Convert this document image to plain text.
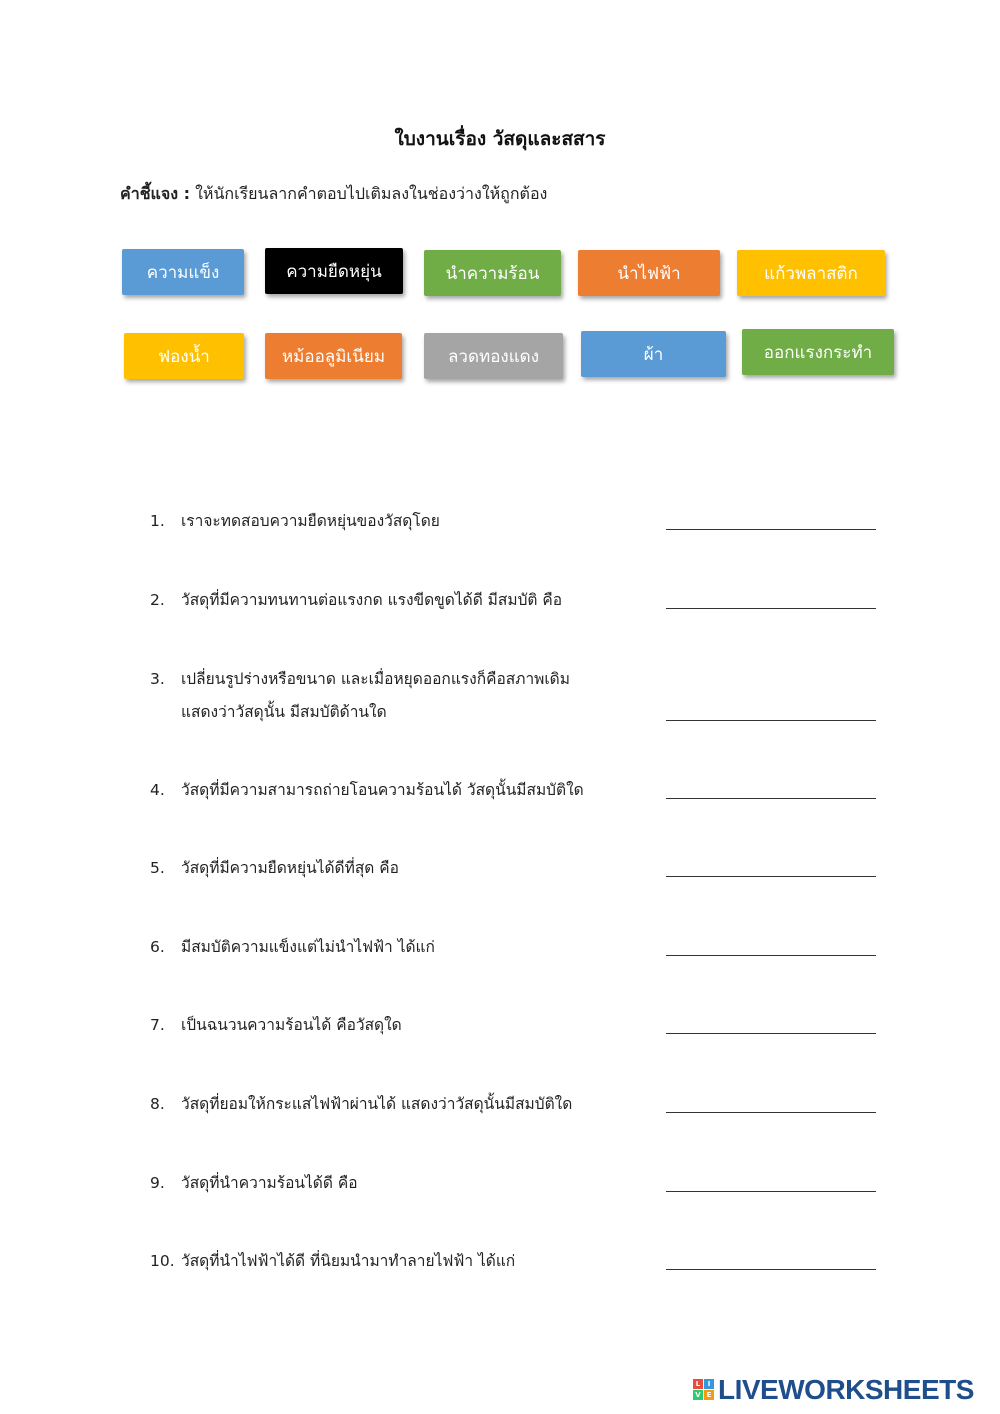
ใบงานเรื่อง วัสดุและสสาร
คำชี้แจง : ให้นักเรียนลากคำตอบไปเติมลงในช่องว่างให้ถูกต้อง
ความแข็ง	ความยืดหยุ่น	นำความร้อน	นำไฟฟ้า	แก้วพลาสติก
ฟองน้ำ	หม้ออลูมิเนียม	ลวดทองแดง	ผ้า	ออกแรงกระทำ
1. เราจะทดสอบความยืดหยุ่นของวัสดุโดย
2. วัสดุที่มีความทนทานต่อแรงกด แรงขีดขูดได้ดี มีสมบัติ คือ
3. เปลี่ยนรูปร่างหรือขนาด และเมื่อหยุดออกแรงก็คือสภาพเดิม
แสดงว่าวัสดุนั้น มีสมบัติด้านใด
4. วัสดุที่มีความสามารถถ่ายโอนความร้อนได้ วัสดุนั้นมีสมบัติใด
5. วัสดุที่มีความยืดหยุ่นได้ดีที่สุด คือ
6. มีสมบัติความแข็งแต่ไม่นำไฟฟ้า ได้แก่
7. เป็นฉนวนความร้อนได้ คือวัสดุใด
8. วัสดุที่ยอมให้กระแสไฟฟ้าผ่านได้ แสดงว่าวัสดุนั้นมีสมบัติใด
9. วัสดุที่นำความร้อนได้ดี คือ
10. วัสดุที่นำไฟฟ้าได้ดี ที่นิยมนำมาทำลายไฟฟ้า ได้แก่
L	I
V E LIVEWORKSHEETS
